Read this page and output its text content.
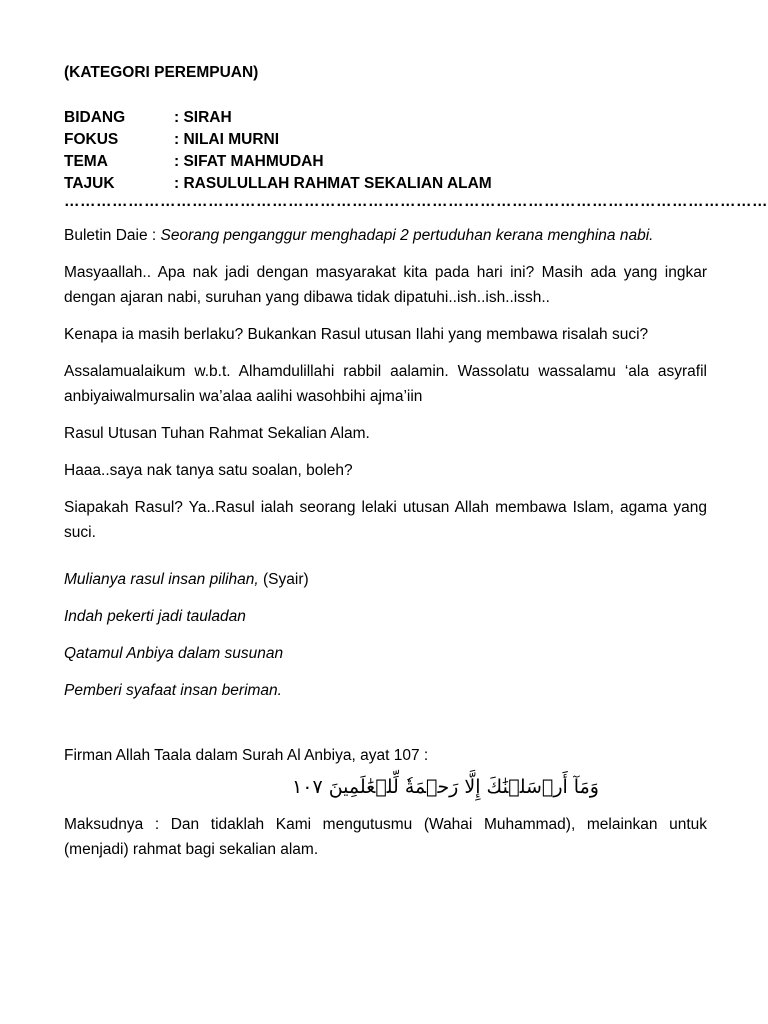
(KATEGORI PEREMPUAN)
BIDANG	: SIRAH
FOKUS	: NILAI MURNI
TEMA	: SIFAT MAHMUDAH
TAJUK	: RASULULLAH RAHMAT SEKALIAN ALAM
……………………………………………………………………………………………………………………

Buletin Daie : Seorang penganggur menghadapi 2 pertuduhan kerana menghina nabi.

Masyaallah.. Apa nak jadi dengan masyarakat kita pada hari ini? Masih ada yang ingkar dengan ajaran nabi, suruhan yang dibawa tidak dipatuhi..ish..ish..issh..

Kenapa ia masih berlaku? Bukankan Rasul utusan Ilahi yang membawa risalah suci?

Assalamualaikum w.b.t. Alhamdulillahi rabbil aalamin. Wassolatu wassalamu ‘ala asyrafil anbiyaiwalmursalin wa’alaa aalihi wasohbihi ajma’iin

Rasul Utusan Tuhan Rahmat Sekalian Alam.

Haaa..saya nak tanya satu soalan, boleh?

Siapakah Rasul? Ya..Rasul ialah seorang lelaki utusan Allah membawa Islam, agama yang suci.

Mulianya rasul insan pilihan, (Syair)

Indah pekerti jadi tauladan

Qatamul Anbiya dalam susunan

Pemberi syafaat insan beriman.

Firman Allah Taala dalam Surah Al Anbiya, ayat 107 :

وَمَآ أَرۡسَلۡنَٰكَ إِلَّا رَحۡمَةٗ لِّلۡعَٰلَمِينَ ١٠٧

Maksudnya : Dan tidaklah Kami mengutusmu (Wahai Muhammad), melainkan untuk (menjadi) rahmat bagi sekalian alam.
